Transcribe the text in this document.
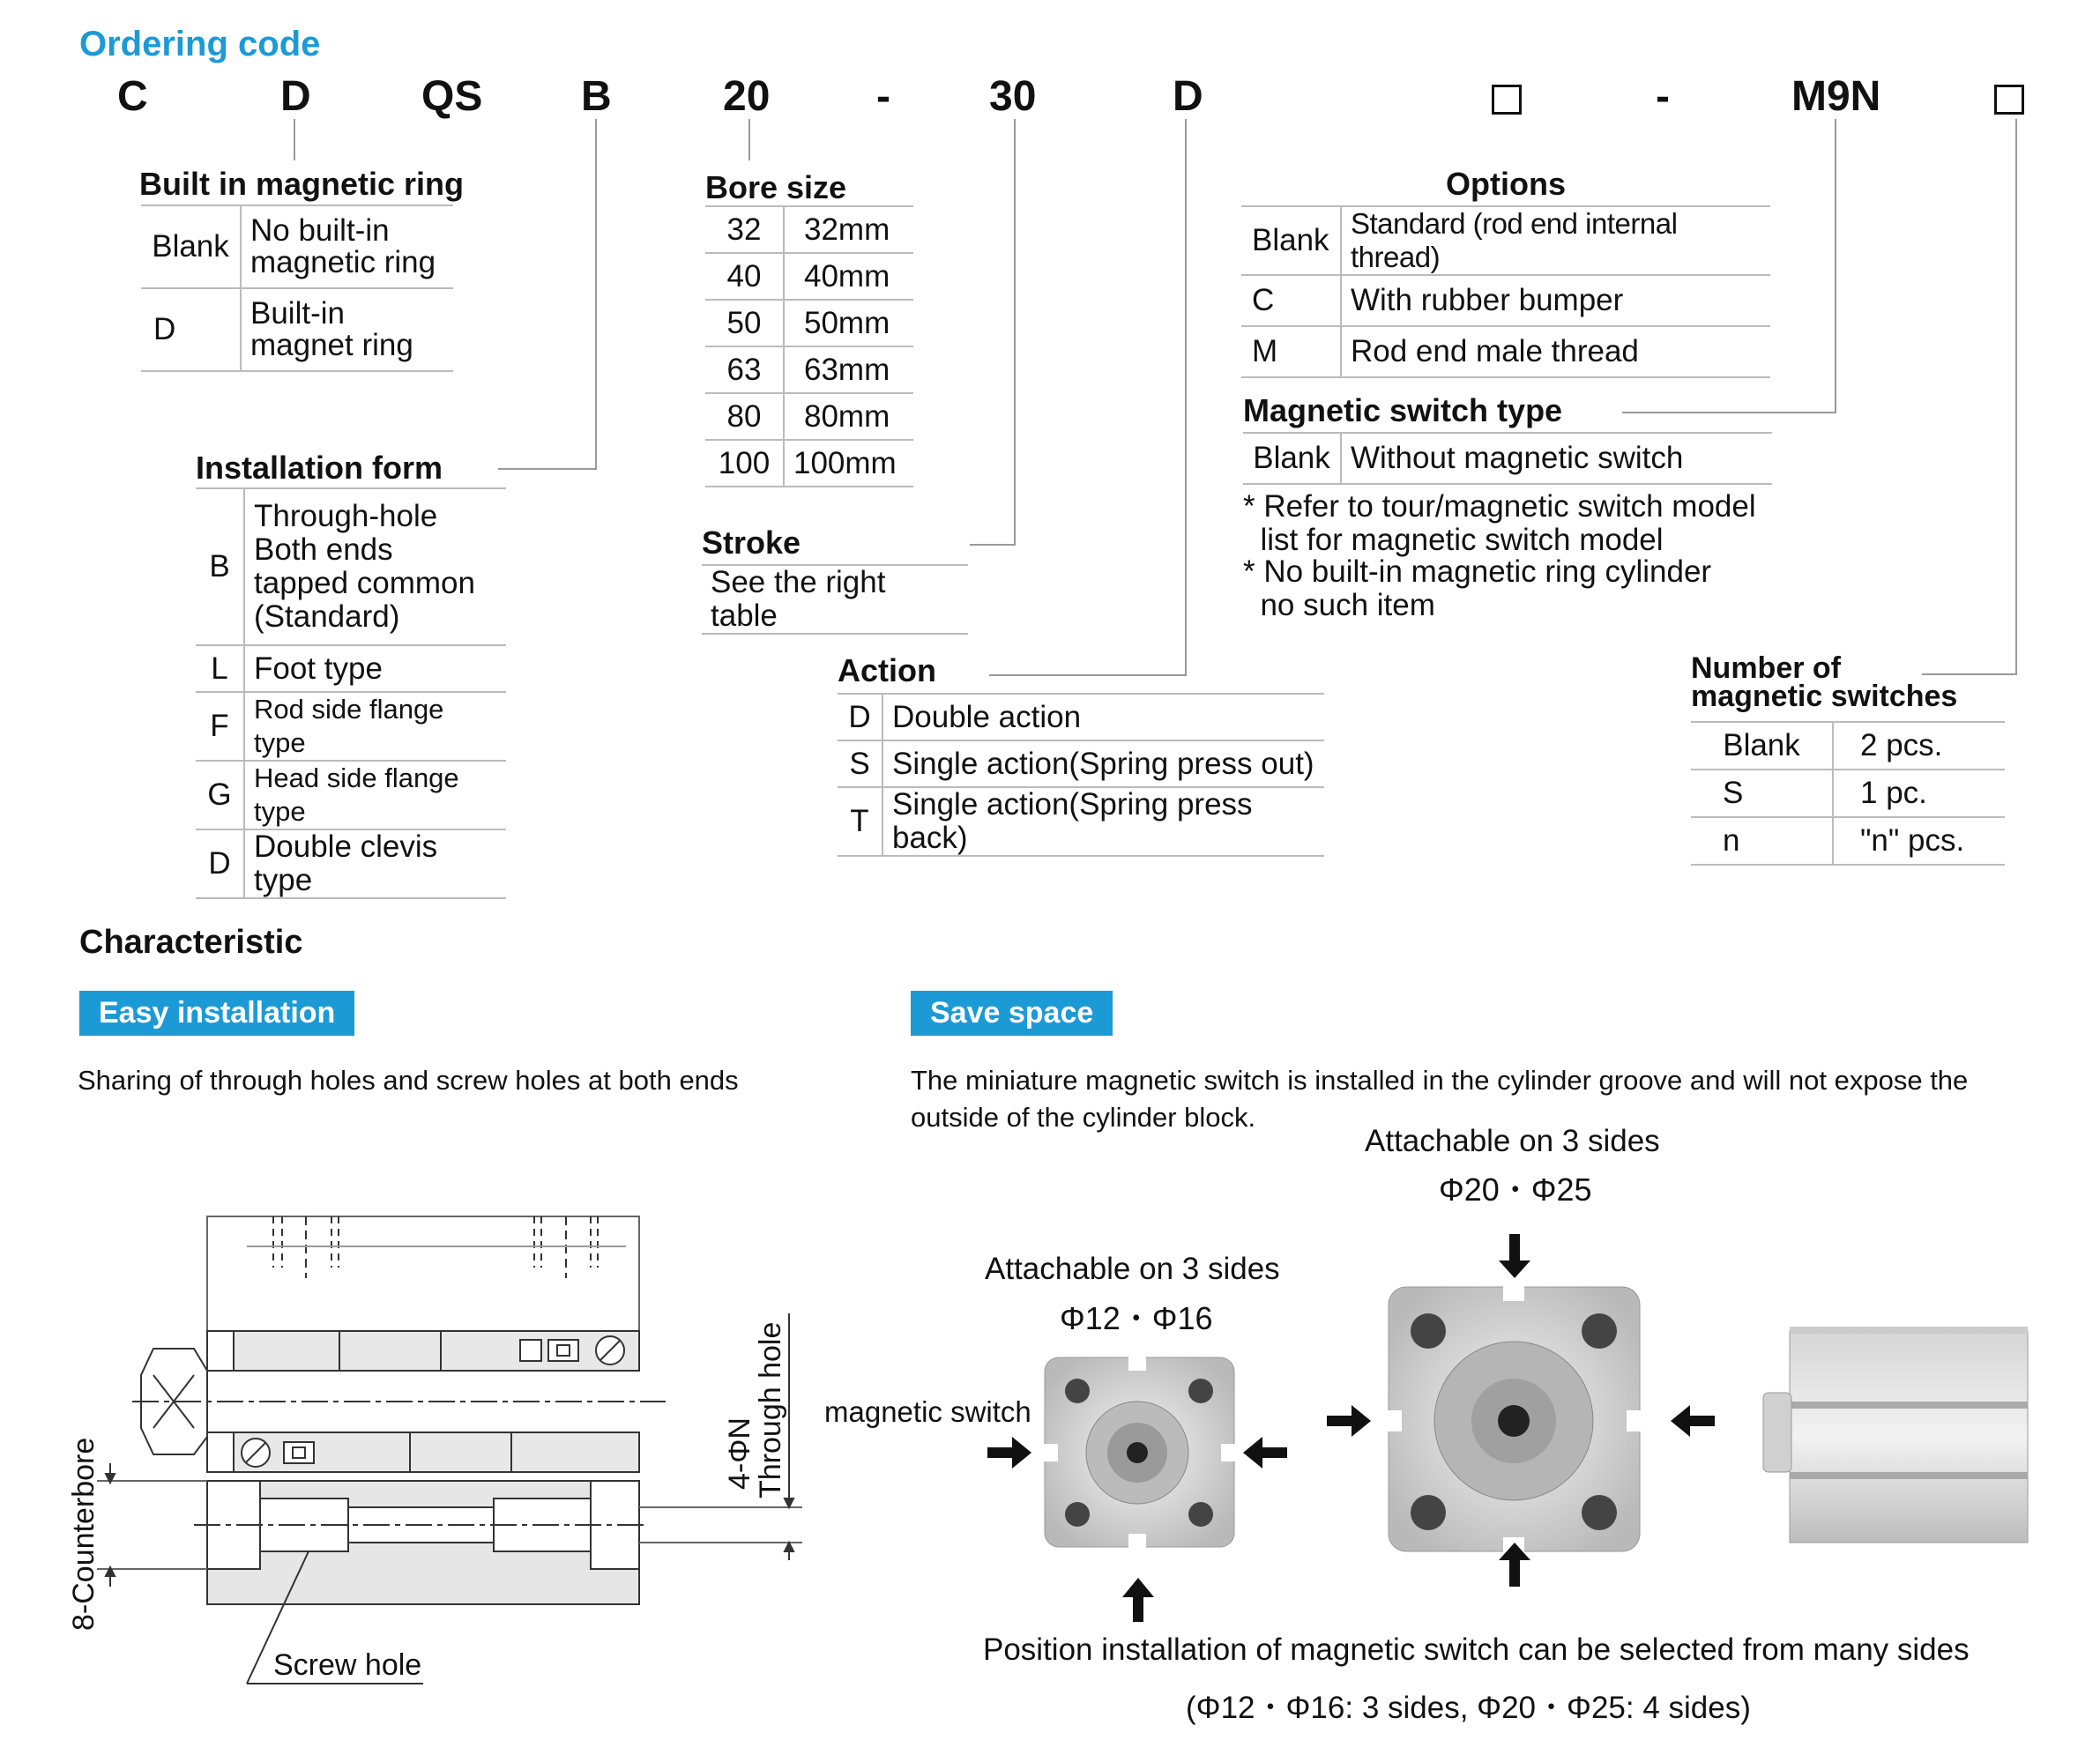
Ordering code
C	D	QS B	20	- 30	D	-	M9N
Built in magnetic ring
Blank	No built-in
magnetic ring
D	Built-in
magnet ring
Bore size
32	32mm
40	40mm
50	50mm
63	63mm
80	80mm
100	100mm
Options
Blank	Standard (rod end internal thread)
C	With rubber bumper
M	Rod end male thread
Magnetic switch type
Blank	Without magnetic switch
* Refer to tour/magnetic switch model
list for magnetic switch model
* No built-in magnetic ring cylinder
no such item
Installation form
B	Through-hole
Both ends
tapped common
(Standard)
L	Foot type
F	Rod side flange type
G	Head side flange type
D	Double clevis type
Stroke
See the right table
Action
D	Double action
S	Single action(Spring press out)
T	Single action(Spring press back)
Number of
magnetic switches
Blank	2 pcs.
S	1 pc.
n	"n" pcs.
Characteristic
Easy installation
Sharing of through holes and screw holes at both ends
Save space
The miniature magnetic switch is installed in the cylinder groove and will not expose the outside of the cylinder block.
8-Counterbore	4-ΦN
Through hole
Screw hole
Attachable on 3 sides
Φ20・Φ25
Attachable on 3 sides
Φ12・Φ16
magnetic switch
Position installation of magnetic switch can be selected from many sides
(Φ12・Φ16: 3 sides, Φ20・Φ25: 4 sides)
